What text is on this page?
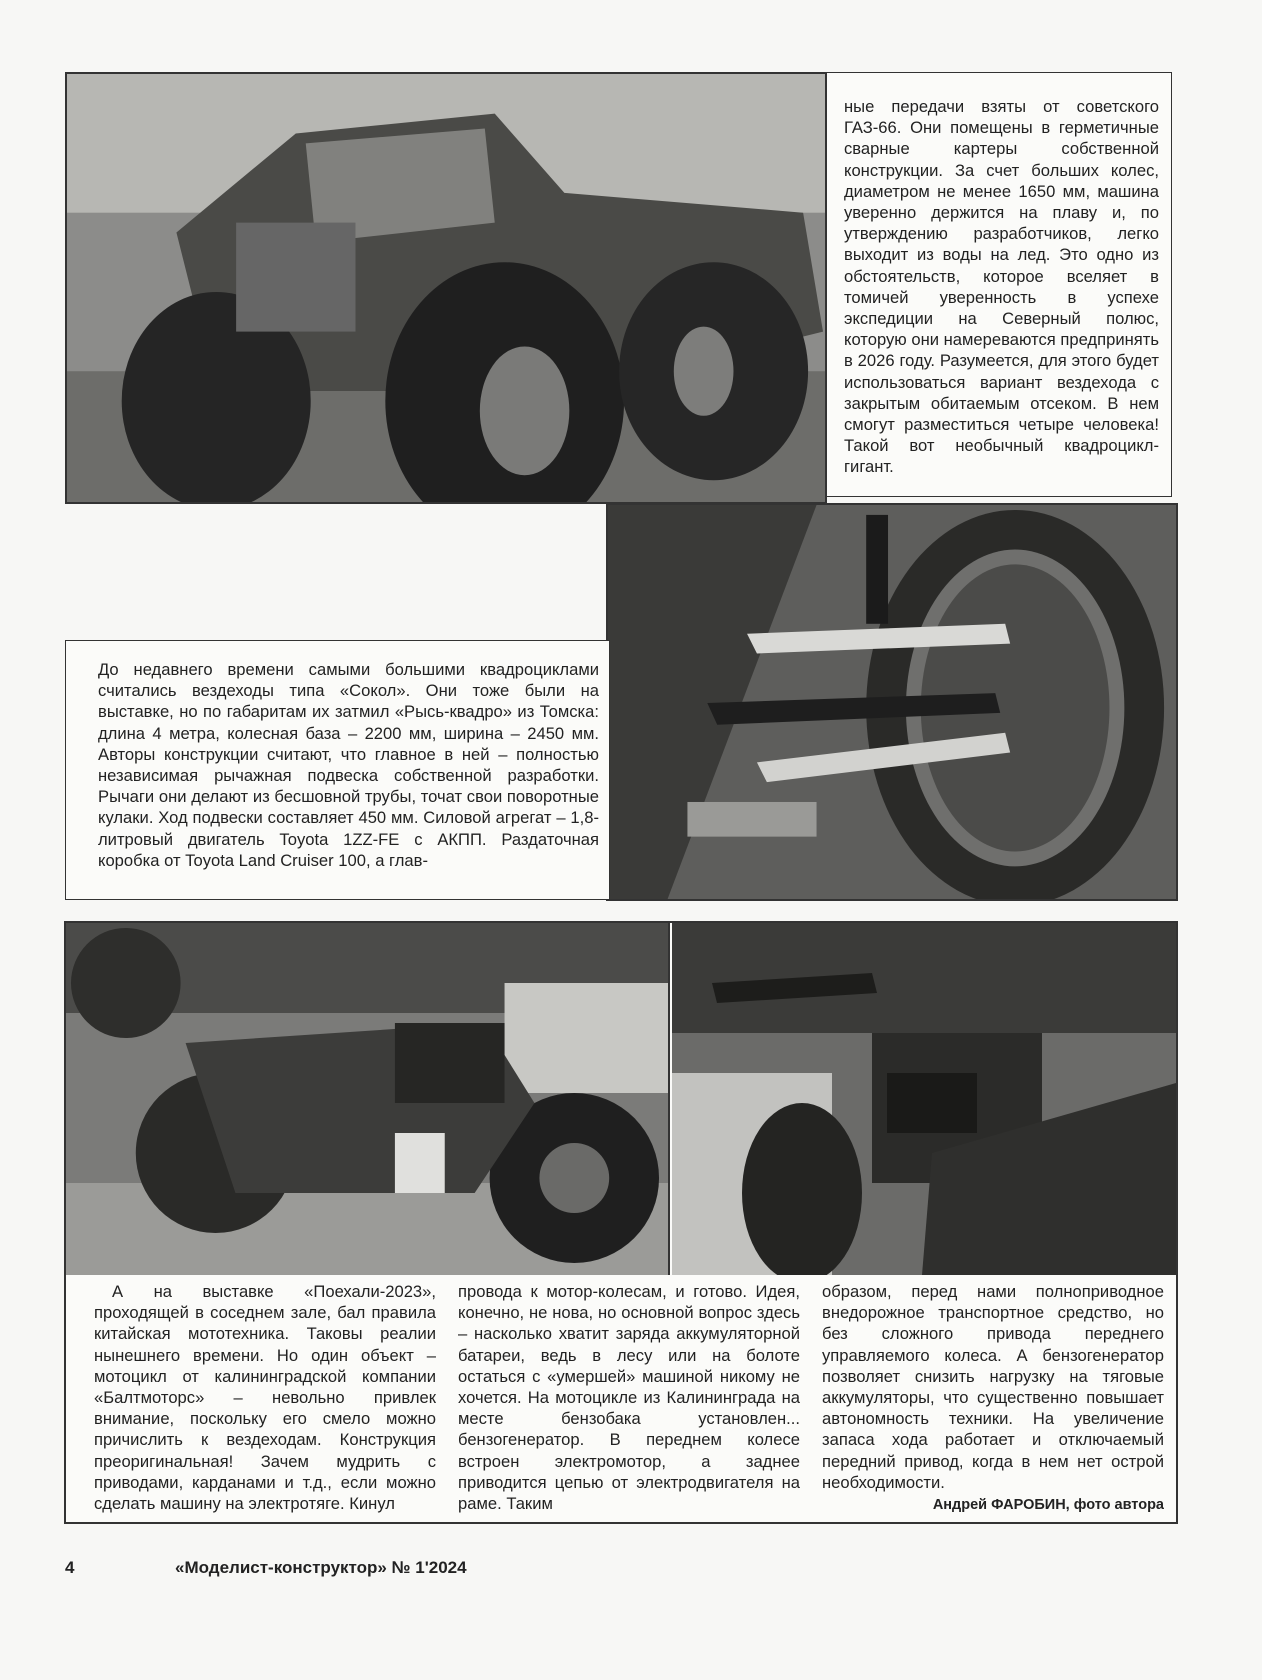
ные передачи взяты от советского ГАЗ-66. Они помещены в герметичные сварные картеры собственной конструкции. За счет больших колес, диаметром не менее 1650 мм, машина уверенно держится на плаву и, по утверждению разработчиков, легко выходит из воды на лед. Это одно из обстоятельств, которое вселяет в томичей уверенность в успехе экспедиции на Северный полюс, которую они намереваются предпринять в 2026 году. Разумеется, для этого будет использоваться вариант вездехода с закрытым обитаемым отсеком. В нем смогут разместиться четыре человека! Такой вот необычный квадроцикл-гигант.

До недавнего времени самыми большими квадроциклами считались вездеходы типа «Сокол». Они тоже были на выставке, но по габаритам их затмил «Рысь-квадро» из Томска: длина 4 метра, колесная база – 2200 мм, ширина – 2450 мм. Авторы конструкции считают, что главное в ней – полностью независимая рычажная подвеска собственной разработки. Рычаги они делают из бесшовной трубы, точат свои поворотные кулаки. Ход подвески составляет 450 мм. Силовой агрегат – 1,8-литровый двигатель Toyota 1ZZ-FE с АКПП. Раздаточная коробка от Toyota Land Cruiser 100, а глав-

А на выставке «Поехали-2023», проходящей в соседнем зале, бал правила китайская мототехника. Таковы реалии нынешнего времени. Но один объект – мотоцикл от калининградской компании «Балтмоторс» – невольно привлек внимание, поскольку его смело можно причислить к вездеходам. Конструкция преоригинальная! Зачем мудрить с приводами, карданами и т.д., если можно сделать машину на электротяге. Кинул

провода к мотор-колесам, и готово. Идея, конечно, не нова, но основной вопрос здесь – насколько хватит заряда аккумуляторной батареи, ведь в лесу или на болоте остаться с «умершей» машиной никому не хочется. На мотоцикле из Калининграда на месте бензобака установлен... бензогенератор. В переднем колесе встроен электромотор, а заднее приводится цепью от электродвигателя на раме. Таким

образом, перед нами полноприводное внедорожное транспортное средство, но без сложного привода переднего управляемого колеса. А бензогенератор позволяет снизить нагрузку на тяговые аккумуляторы, что существенно повышает автономность техники. На увеличение запаса хода работает и отключаемый передний привод, когда в нем нет острой необходимости.

Андрей ФАРОБИН, фото автора

4	«Моделист-конструктор» № 1'2024
